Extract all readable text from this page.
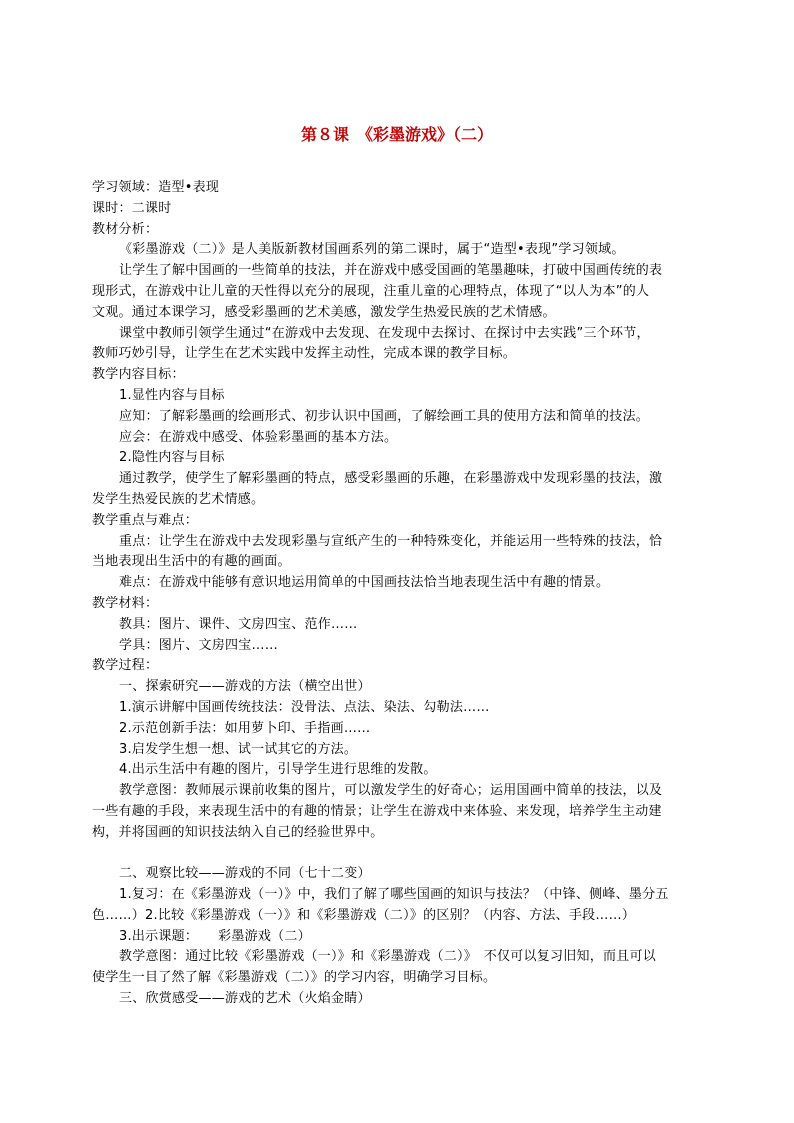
第８课　《彩墨游戏》（二）
学习领域：造型•表现
课时：二课时
教材分析：
《彩墨游戏（二）》是人美版新教材国画系列的第二课时，属于“造型•表现”学习领域。
让学生了解中国画的一些简单的技法，并在游戏中感受国画的笔墨趣味，打破中国画传统的表
现形式，在游戏中让儿童的天性得以充分的展现，注重儿童的心理特点，体现了“以人为本”的人
文观。通过本课学习，感受彩墨画的艺术美感，激发学生热爱民族的艺术情感。
课堂中教师引领学生通过“在游戏中去发现、在发现中去探讨、在探讨中去实践”三个环节，
教师巧妙引导，让学生在艺术实践中发挥主动性，完成本课的教学目标。
教学内容目标：
1.显性内容与目标
应知：了解彩墨画的绘画形式、初步认识中国画，了解绘画工具的使用方法和简单的技法。
应会：在游戏中感受、体验彩墨画的基本方法。
2.隐性内容与目标
通过教学，使学生了解彩墨画的特点，感受彩墨画的乐趣，在彩墨游戏中发现彩墨的技法，激
发学生热爱民族的艺术情感。
教学重点与难点：
重点：让学生在游戏中去发现彩墨与宣纸产生的一种特殊变化，并能运用一些特殊的技法，恰
当地表现出生活中的有趣的画面。
难点：在游戏中能够有意识地运用简单的中国画技法恰当地表现生活中有趣的情景。
教学材料：
教具：图片、课件、文房四宝、范作……
学具：图片、文房四宝……
教学过程：
一、探索研究——游戏的方法（横空出世）
1.演示讲解中国画传统技法：没骨法、点法、染法、勾勒法……
2.示范创新手法：如用萝卜印、手指画……
3.启发学生想一想、试一试其它的方法。
4.出示生活中有趣的图片，引导学生进行思维的发散。
教学意图：教师展示课前收集的图片，可以激发学生的好奇心；运用国画中简单的技法，以及
一些有趣的手段，来表现生活中的有趣的情景；让学生在游戏中来体验、来发现，培养学生主动建
构，并将国画的知识技法纳入自己的经验世界中。
二、观察比较——游戏的不同（七十二变）
1.复习：在《彩墨游戏（一）》中，我们了解了哪些国画的知识与技法？（中锋、侧峰、墨分五
色……）2.比较《彩墨游戏（一）》和《彩墨游戏（二）》的区别？（内容、方法、手段……）
3.出示课题：　　彩墨游戏（二）
教学意图：通过比较《彩墨游戏（一）》和《彩墨游戏（二）》　不仅可以复习旧知，而且可以
使学生一目了然了解《彩墨游戏（二）》的学习内容，明确学习目标。
三、欣赏感受——游戏的艺术（火焰金睛）
